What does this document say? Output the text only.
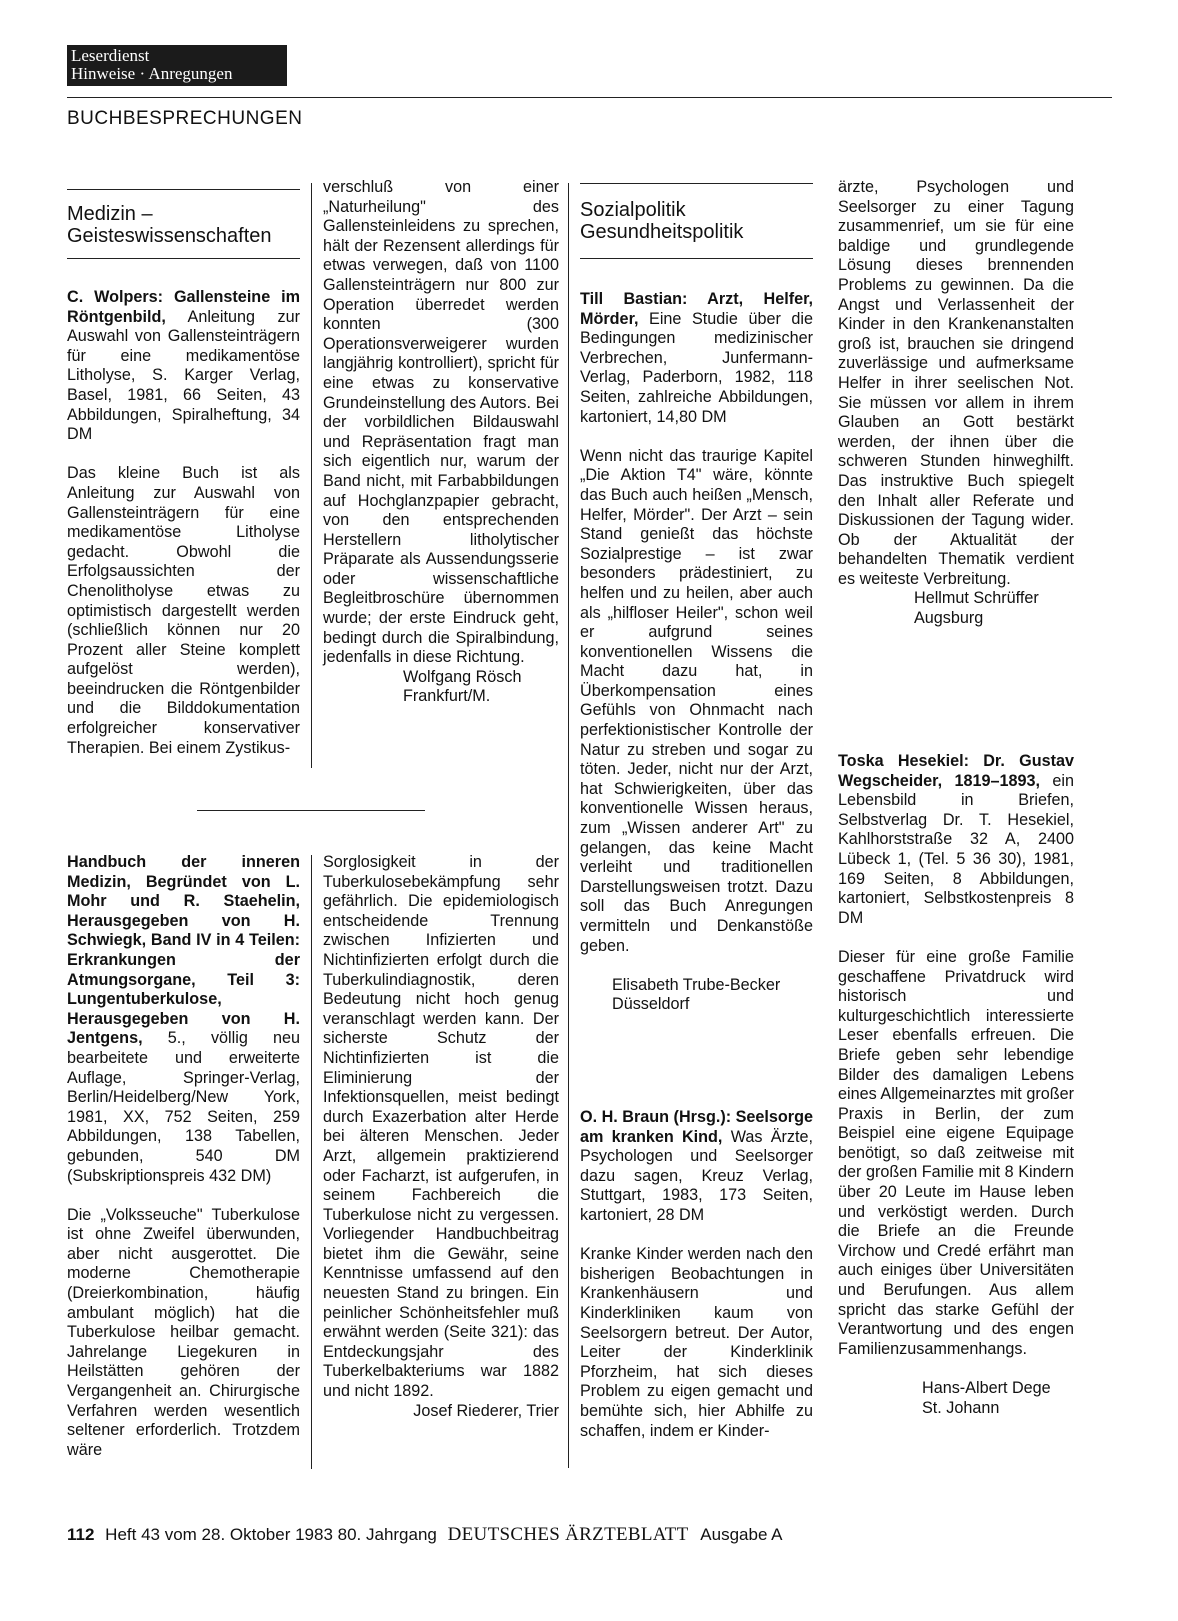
Leserdienst
Hinweise · Anregungen
BUCHBESPRECHUNGEN
Medizin –
Geisteswissenschaften

C. Wolpers: Gallensteine im Röntgenbild, Anleitung zur Auswahl von Gallensteinträgern für eine medikamentöse Litholyse, S. Karger Verlag, Basel, 1981, 66 Seiten, 43 Abbildungen, Spiralheftung, 34 DM

Das kleine Buch ist als Anleitung zur Auswahl von Gallensteinträgern für eine medikamentöse Litholyse gedacht. Obwohl die Erfolgsaussichten der Chenolitholyse etwas zu optimistisch dargestellt werden (schließlich können nur 20 Prozent aller Steine komplett aufgelöst werden), beeindrucken die Röntgenbilder und die Bilddokumentation erfolgreicher konservativer Therapien. Bei einem Zystikus-

verschluß von einer „Naturheilung" des Gallensteinleidens zu sprechen, hält der Rezensent allerdings für etwas verwegen, daß von 1100 Gallensteinträgern nur 800 zur Operation überredet werden konnten (300 Operationsverweigerer wurden langjährig kontrolliert), spricht für eine etwas zu konservative Grundeinstellung des Autors. Bei der vorbildlichen Bildauswahl und Repräsentation fragt man sich eigentlich nur, warum der Band nicht, mit Farbabbildungen auf Hochglanzpapier gebracht, von den entsprechenden Herstellern litholytischer Präparate als Aussendungsserie oder wissenschaftliche Begleitbroschüre übernommen wurde; der erste Eindruck geht, bedingt durch die Spiralbindung, jedenfalls in diese Richtung.

Wolfgang Rösch
Frankfurt/M.

Handbuch der inneren Medizin, Begründet von L. Mohr und R. Staehelin, Herausgegeben von H. Schwiegk, Band IV in 4 Teilen: Erkrankungen der Atmungsorgane, Teil 3: Lungentuberkulose, Herausgegeben von H. Jentgens, 5., völlig neu bearbeitete und erweiterte Auflage, Springer-Verlag, Berlin/Heidelberg/New York, 1981, XX, 752 Seiten, 259 Abbildungen, 138 Tabellen, gebunden, 540 DM (Subskriptionspreis 432 DM)

Die „Volksseuche" Tuberkulose ist ohne Zweifel überwunden, aber nicht ausgerottet. Die moderne Chemotherapie (Dreierkombination, häufig ambulant möglich) hat die Tuberkulose heilbar gemacht. Jahrelange Liegekuren in Heilstätten gehören der Vergangenheit an. Chirurgische Verfahren werden wesentlich seltener erforderlich. Trotzdem wäre

Sorglosigkeit in der Tuberkulosebekämpfung sehr gefährlich. Die epidemiologisch entscheidende Trennung zwischen Infizierten und Nichtinfizierten erfolgt durch die Tuberkulindiagnostik, deren Bedeutung nicht hoch genug veranschlagt werden kann. Der sicherste Schutz der Nichtinfizierten ist die Eliminierung der Infektionsquellen, meist bedingt durch Exazerbation alter Herde bei älteren Menschen. Jeder Arzt, allgemein praktizierend oder Facharzt, ist aufgerufen, in seinem Fachbereich die Tuberkulose nicht zu vergessen. Vorliegender Handbuchbeitrag bietet ihm die Gewähr, seine Kenntnisse umfassend auf den neuesten Stand zu bringen. Ein peinlicher Schönheitsfehler muß erwähnt werden (Seite 321): das Entdeckungsjahr des Tuberkelbakteriums war 1882 und nicht 1892.

Josef Riederer, Trier
Sozialpolitik
Gesundheitspolitik

Till Bastian: Arzt, Helfer, Mörder, Eine Studie über die Bedingungen medizinischer Verbrechen, Junfermann-Verlag, Paderborn, 1982, 118 Seiten, zahlreiche Abbildungen, kartoniert, 14,80 DM

Wenn nicht das traurige Kapitel „Die Aktion T4" wäre, könnte das Buch auch heißen „Mensch, Helfer, Mörder". Der Arzt – sein Stand genießt das höchste Sozialprestige – ist zwar besonders prädestiniert, zu helfen und zu heilen, aber auch als „hilfloser Heiler", schon weil er aufgrund seines konventionellen Wissens die Macht dazu hat, in Überkompensation eines Gefühls von Ohnmacht nach perfektionistischer Kontrolle der Natur zu streben und sogar zu töten. Jeder, nicht nur der Arzt, hat Schwierigkeiten, über das konventionelle Wissen heraus, zum „Wissen anderer Art" zu gelangen, das keine Macht verleiht und traditionellen Darstellungsweisen trotzt. Dazu soll das Buch Anregungen vermitteln und Denkanstöße geben.

Elisabeth Trube-Becker
Düsseldorf

O. H. Braun (Hrsg.): Seelsorge am kranken Kind, Was Ärzte, Psychologen und Seelsorger dazu sagen, Kreuz Verlag, Stuttgart, 1983, 173 Seiten, kartoniert, 28 DM

Kranke Kinder werden nach den bisherigen Beobachtungen in Krankenhäusern und Kinderkliniken kaum von Seelsorgern betreut. Der Autor, Leiter der Kinderklinik Pforzheim, hat sich dieses Problem zu eigen gemacht und bemühte sich, hier Abhilfe zu schaffen, indem er Kinder-

ärzte, Psychologen und Seelsorger zu einer Tagung zusammenrief, um sie für eine baldige und grundlegende Lösung dieses brennenden Problems zu gewinnen. Da die Angst und Verlassenheit der Kinder in den Krankenanstalten groß ist, brauchen sie dringend zuverlässige und aufmerksame Helfer in ihrer seelischen Not. Sie müssen vor allem in ihrem Glauben an Gott bestärkt werden, der ihnen über die schweren Stunden hinweghilft. Das instruktive Buch spiegelt den Inhalt aller Referate und Diskussionen der Tagung wider. Ob der Aktualität der behandelten Thematik verdient es weiteste Verbreitung.

Hellmut Schrüffer
Augsburg

Toska Hesekiel: Dr. Gustav Wegscheider, 1819–1893, ein Lebensbild in Briefen, Selbstverlag Dr. T. Hesekiel, Kahlhorststraße 32 A, 2400 Lübeck 1, (Tel. 5 36 30), 1981, 169 Seiten, 8 Abbildungen, kartoniert, Selbstkostenpreis 8 DM

Dieser für eine große Familie geschaffene Privatdruck wird historisch und kulturgeschichtlich interessierte Leser ebenfalls erfreuen. Die Briefe geben sehr lebendige Bilder des damaligen Lebens eines Allgemeinarztes mit großer Praxis in Berlin, der zum Beispiel eine eigene Equipage benötigt, so daß zeitweise mit der großen Familie mit 8 Kindern über 20 Leute im Hause leben und verköstigt werden. Durch die Briefe an die Freunde Virchow und Credé erfährt man auch einiges über Universitäten und Berufungen. Aus allem spricht das starke Gefühl der Verantwortung und des engen Familienzusammenhangs.

Hans-Albert Dege
St. Johann
112 Heft 43 vom 28. Oktober 1983 80. Jahrgang DEUTSCHES ÄRZTEBLATT Ausgabe A
